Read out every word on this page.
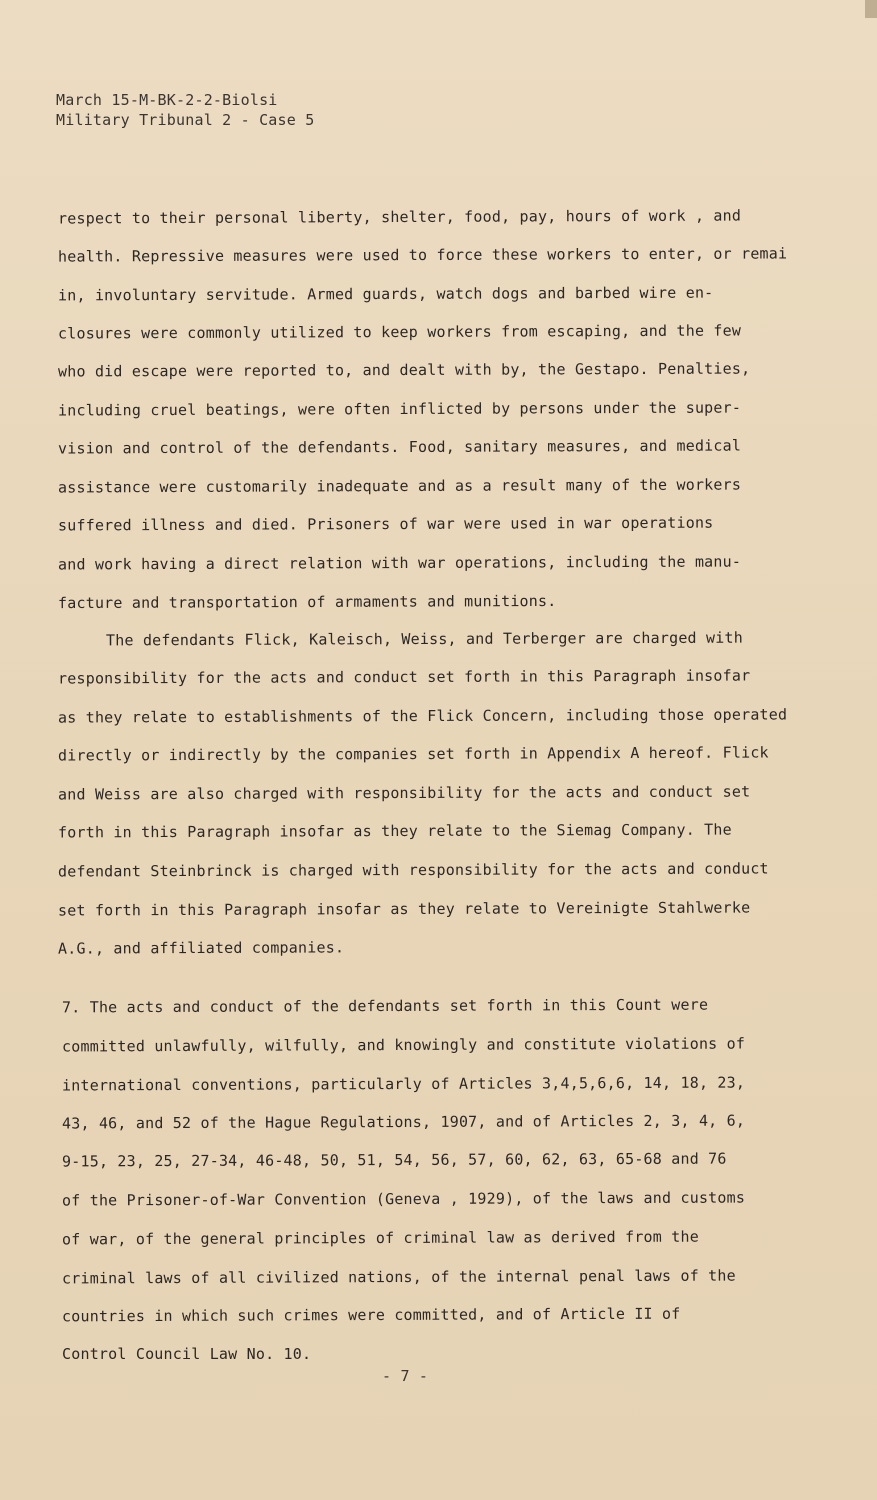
March 15-M-BK-2-2-Biolsi
Military Tribunal 2 - Case 5
respect to their personal liberty, shelter, food, pay, hours of work , and
health. Repressive measures were used to force these workers to enter, or remai
in, involuntary servitude. Armed guards, watch dogs and barbed wire en-
closures were commonly utilized to keep workers from escaping, and the few
who did escape were reported to, and dealt with by, the Gestapo. Penalties,
including cruel beatings, were often inflicted by persons under the super-
vision and control of the defendants. Food, sanitary measures, and medical
assistance were customarily inadequate and as a result many of the workers
suffered illness and died. Prisoners of war were used in war operations
and work having a direct relation with war operations, including the manu-
facture and transportation of armaments and munitions.
The defendants Flick, Kaleisch, Weiss, and Terberger are charged with
responsibility for the acts and conduct set forth in this Paragraph insofar
as they relate to establishments of the Flick Concern, including those operated
directly or indirectly by the companies set forth in Appendix A hereof. Flick
and Weiss are also charged with responsibility for the acts and conduct set
forth in this Paragraph insofar as they relate to the Siemag Company. The
defendant Steinbrinck is charged with responsibility for the acts and conduct
set forth in this Paragraph insofar as they relate to Vereinigte Stahlwerke
A.G., and affiliated companies.
7. The acts and conduct of the defendants set forth in this Count were
committed unlawfully, wilfully, and knowingly and constitute violations of
international conventions, particularly of Articles 3,4,5,6,6, 14, 18, 23,
43, 46, and 52 of the Hague Regulations, 1907, and of Articles 2, 3, 4, 6,
9-15, 23, 25, 27-34, 46-48, 50, 51, 54, 56, 57, 60, 62, 63, 65-68 and 76
of the Prisoner-of-War Convention (Geneva , 1929), of the laws and customs
of war, of the general principles of criminal law as derived from the
criminal laws of all civilized nations, of the internal penal laws of the
countries in which such crimes were committed, and of Article II of
Control Council Law No. 10.
- 7 -
